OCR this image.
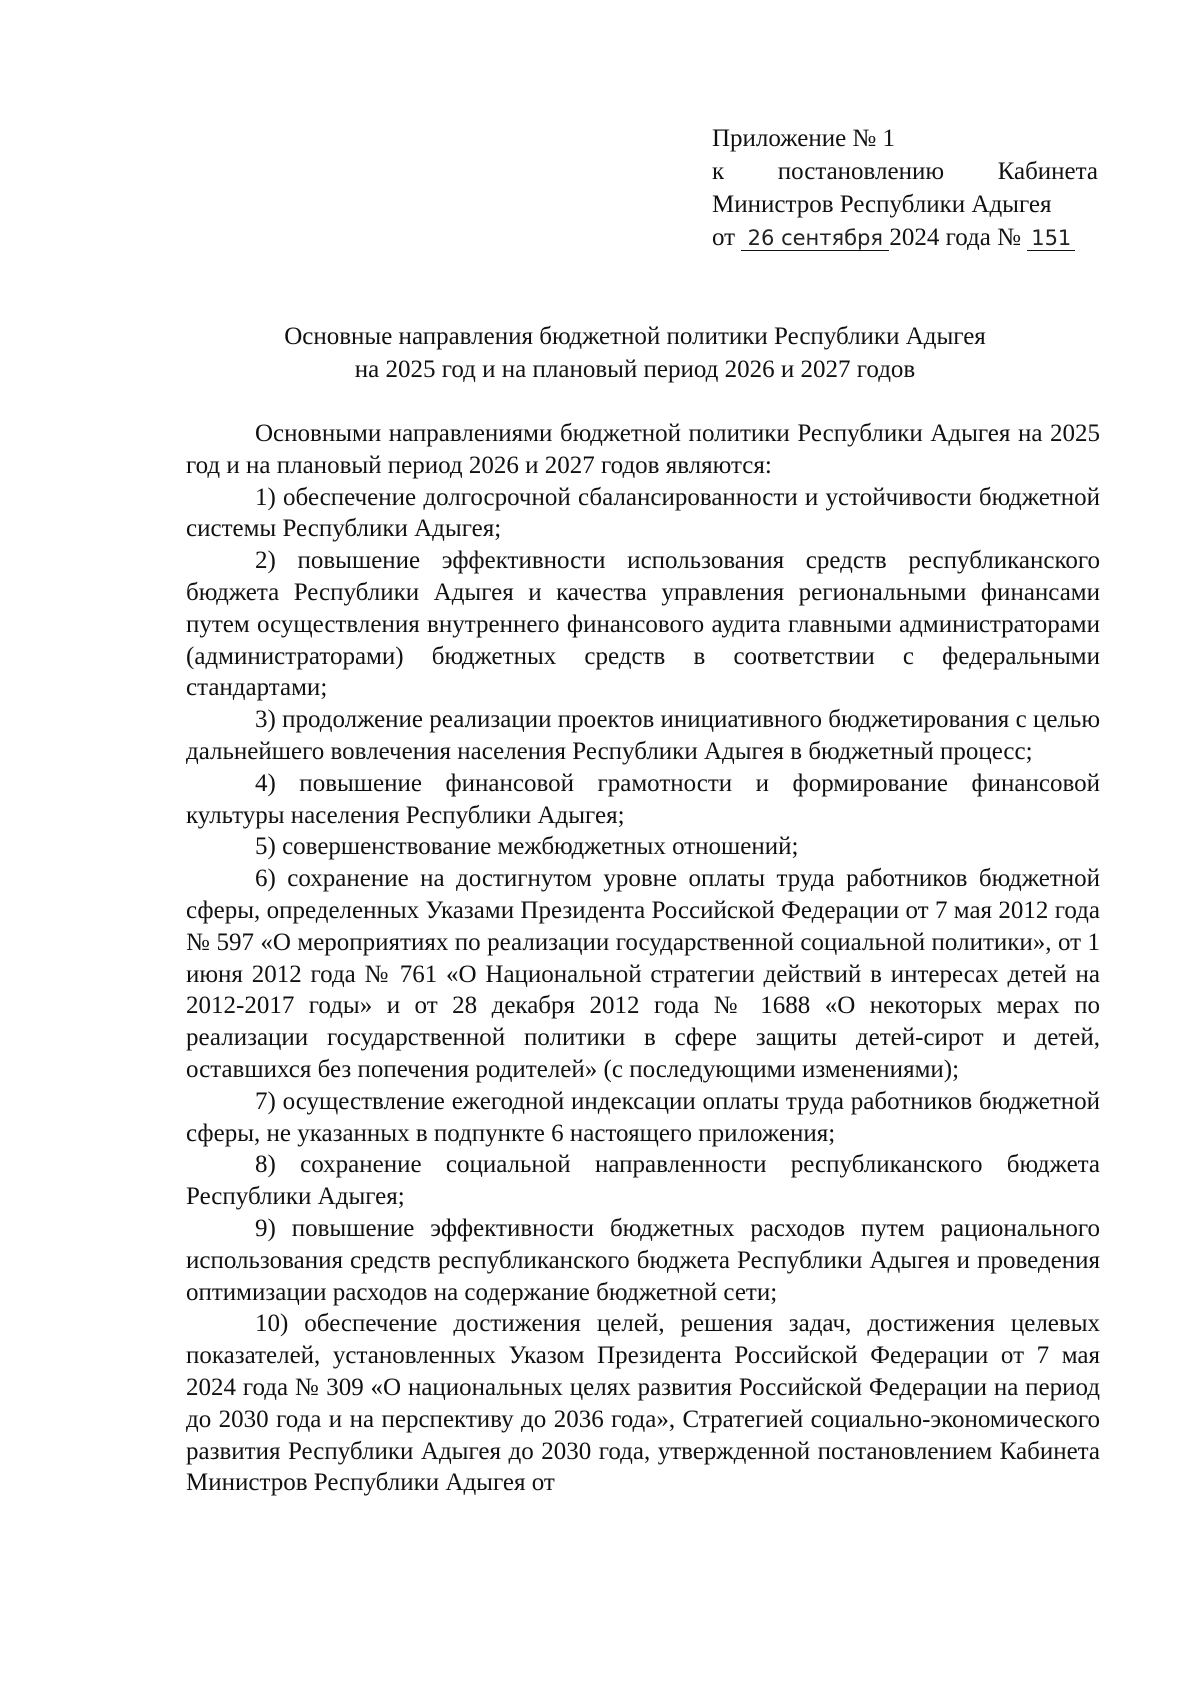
Приложение № 1
к постановлению Кабинета
Министров Республики Адыгея
от 26 сентября 2024 года № 151
Основные направления бюджетной политики Республики Адыгея
на 2025 год и на плановый период 2026 и 2027 годов

Основными направлениями бюджетной политики Республики Адыгея на 2025 год и на плановый период 2026 и 2027 годов являются:

1) обеспечение долгосрочной сбалансированности и устойчивости бюджетной системы Республики Адыгея;

2) повышение эффективности использования средств республиканского бюджета Республики Адыгея и качества управления региональными финансами путем осуществления внутреннего финансового аудита главными администраторами (администраторами) бюджетных средств в соответствии с федеральными стандартами;

3) продолжение реализации проектов инициативного бюджетирования с целью дальнейшего вовлечения населения Республики Адыгея в бюджетный процесс;

4) повышение финансовой грамотности и формирование финансовой культуры населения Республики Адыгея;

5) совершенствование межбюджетных отношений;

6) сохранение на достигнутом уровне оплаты труда работников бюджетной сферы, определенных Указами Президента Российской Федерации от 7 мая 2012 года № 597 «О мероприятиях по реализации государственной социальной политики», от 1 июня 2012 года № 761 «О Национальной стратегии действий в интересах детей на 2012-2017 годы» и от 28 декабря 2012 года № 1688 «О некоторых мерах по реализации государственной политики в сфере защиты детей-сирот и детей, оставшихся без попечения родителей» (с последующими изменениями);

7) осуществление ежегодной индексации оплаты труда работников бюджетной сферы, не указанных в подпункте 6 настоящего приложения;

8) сохранение социальной направленности республиканского бюджета Республики Адыгея;

9) повышение эффективности бюджетных расходов путем рационального использования средств республиканского бюджета Республики Адыгея и проведения оптимизации расходов на содержание бюджетной сети;

10) обеспечение достижения целей, решения задач, достижения целевых показателей, установленных Указом Президента Российской Федерации от 7 мая 2024 года № 309 «О национальных целях развития Российской Федерации на период до 2030 года и на перспективу до 2036 года», Стратегией социально-экономического развития Республики Адыгея до 2030 года, утвержденной постановлением Кабинета Министров Республики Адыгея от
